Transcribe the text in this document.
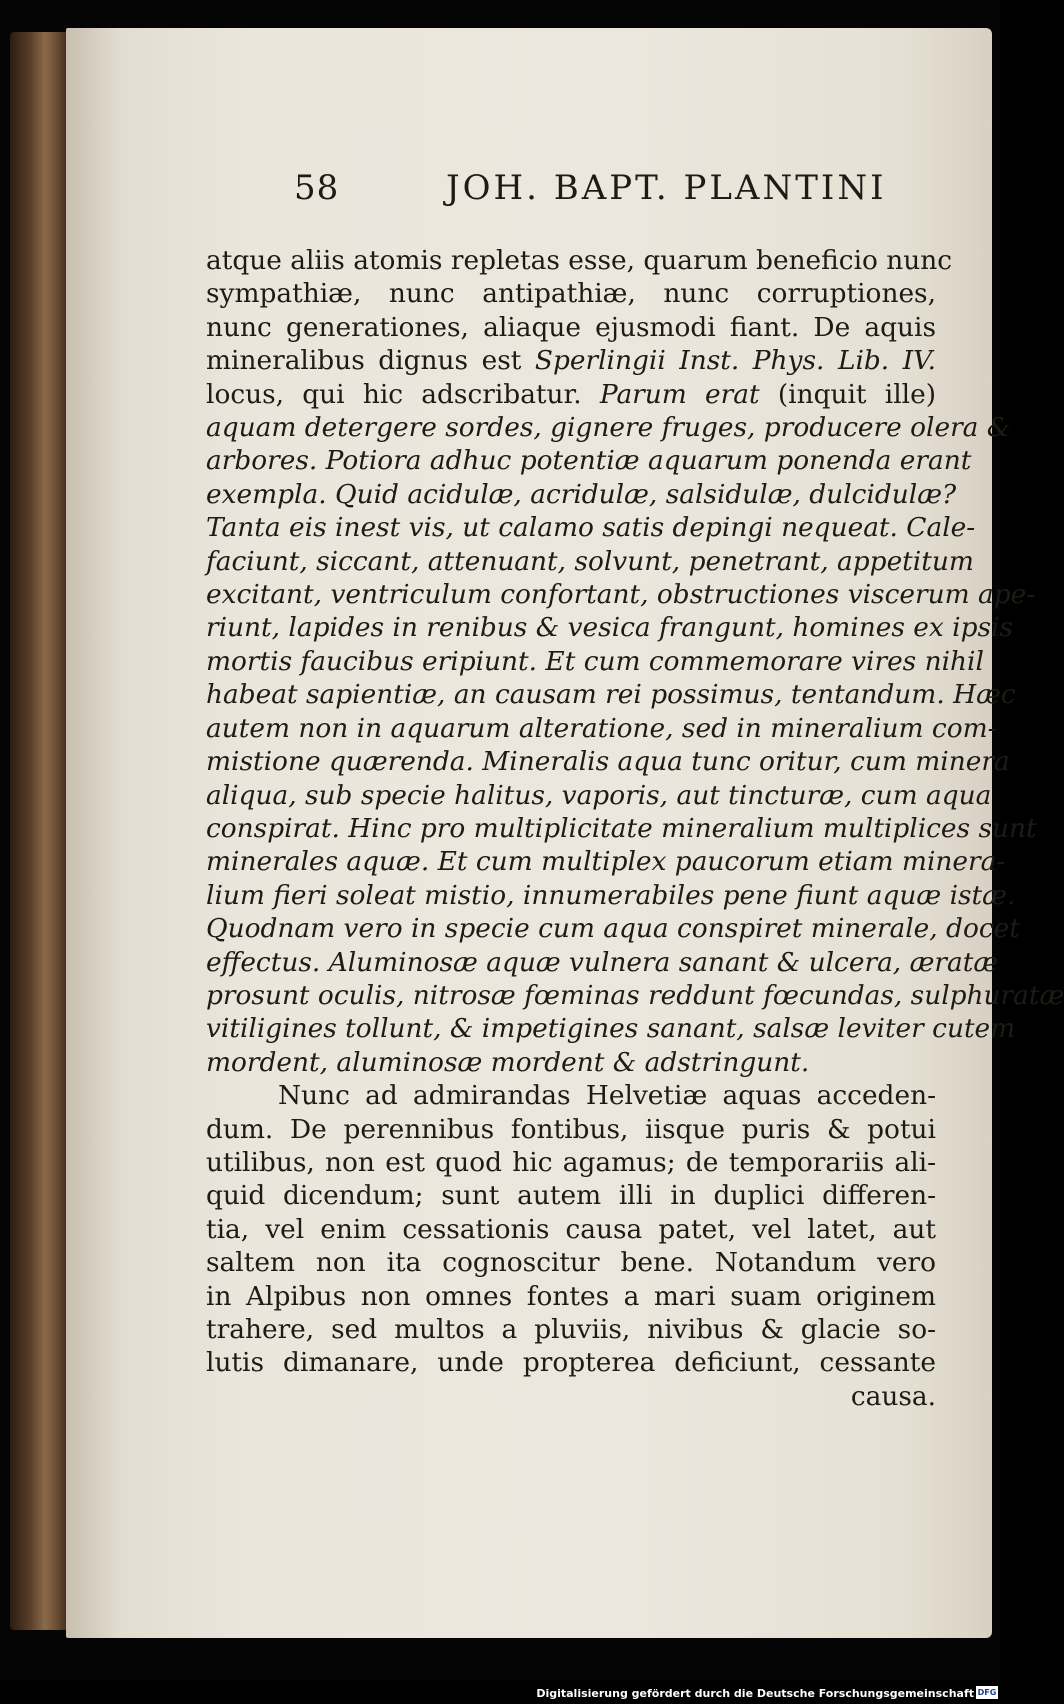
58	JOH. BAPT. PLANTINI
atque aliis atomis repletas esse, quarum beneficio nunc
sympathiæ, nunc antipathiæ, nunc corruptiones,
nunc generationes, aliaque ejusmodi fiant. De aquis
mineralibus dignus est Sperlingii Inst. Phys. Lib. IV.
locus, qui hic adscribatur. Parum erat (inquit ille)
aquam detergere sordes, gignere fruges, producere olera &
arbores. Potiora adhuc potentiæ aquarum ponenda erant
exempla. Quid acidulæ, acridulæ, salsidulæ, dulcidulæ?
Tanta eis inest vis, ut calamo satis depingi nequeat. Cale-
faciunt, siccant, attenuant, solvunt, penetrant, appetitum
excitant, ventriculum confortant, obstructiones viscerum ape-
riunt, lapides in renibus & vesica frangunt, homines ex ipsis
mortis faucibus eripiunt. Et cum commemorare vires nihil
habeat sapientiæ, an causam rei possimus, tentandum. Hæc
autem non in aquarum alteratione, sed in mineralium com-
mistione quærenda. Mineralis aqua tunc oritur, cum minera
aliqua, sub specie halitus, vaporis, aut tincturæ, cum aqua
conspirat. Hinc pro multiplicitate mineralium multiplices sunt
minerales aquæ. Et cum multiplex paucorum etiam minera-
lium fieri soleat mistio, innumerabiles pene fiunt aquæ istæ.
Quodnam vero in specie cum aqua conspiret minerale, docet
effectus. Aluminosæ aquæ vulnera sanant & ulcera, æratæ
prosunt oculis, nitrosæ fœminas reddunt fœcundas, sulphuratæ
vitiligines tollunt, & impetigines sanant, salsæ leviter cutem
mordent, aluminosæ mordent & adstringunt.
Nunc ad admirandas Helvetiæ aquas acceden-
dum. De perennibus fontibus, iisque puris & potui
utilibus, non est quod hic agamus; de temporariis ali-
quid dicendum; sunt autem illi in duplici differen-
tia, vel enim cessationis causa patet, vel latet, aut
saltem non ita cognoscitur bene. Notandum vero
in Alpibus non omnes fontes a mari suam originem
trahere, sed multos a pluviis, nivibus & glacie so-
lutis dimanare, unde propterea deficiunt, cessante
causa.
Digitalisierung gefördert durch die Deutsche Forschungsgemeinschaft DFG
